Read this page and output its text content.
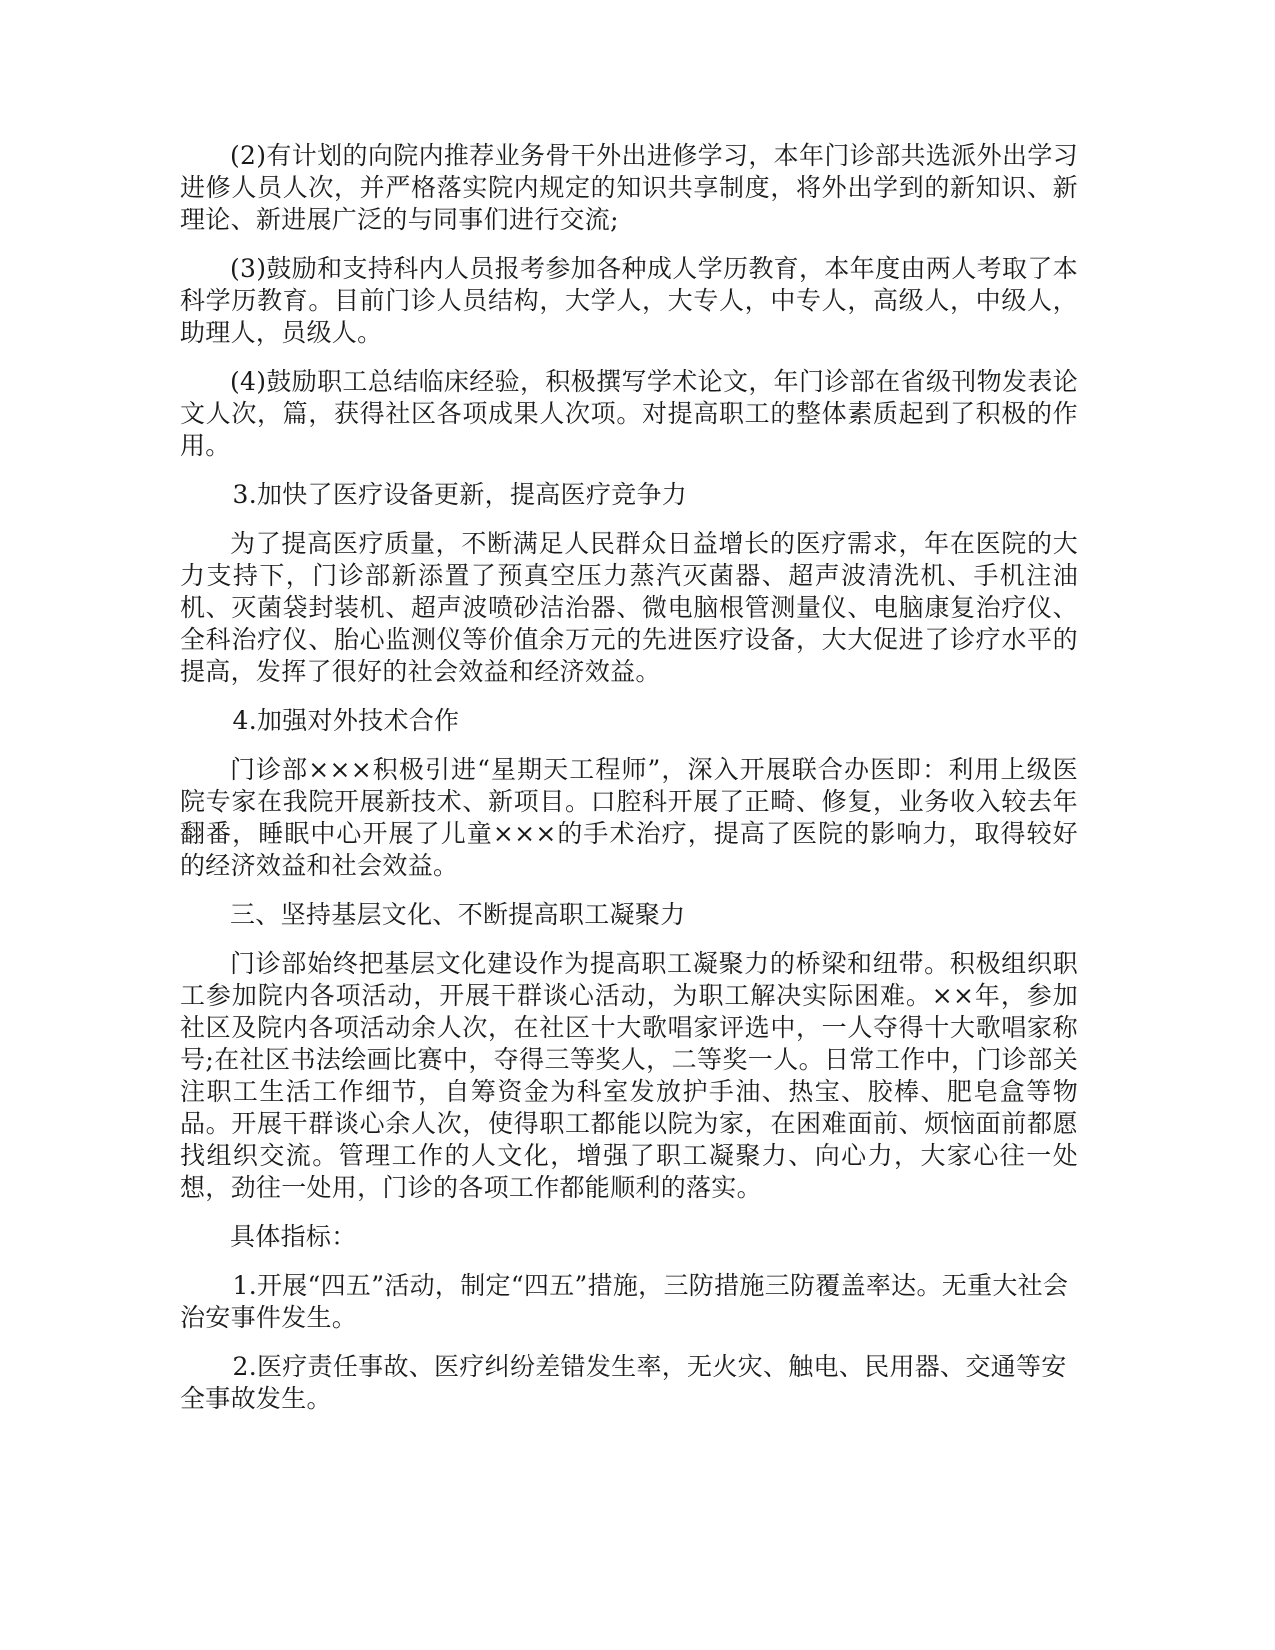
(2)有计划的向院内推荐业务骨干外出进修学习，本年门诊部共选派外出学习进修人员人次，并严格落实院内规定的知识共享制度，将外出学到的新知识、新理论、新进展广泛的与同事们进行交流;

(3)鼓励和支持科内人员报考参加各种成人学历教育，本年度由两人考取了本科学历教育。目前门诊人员结构，大学人，大专人，中专人，高级人，中级人，助理人，员级人。

(4)鼓励职工总结临床经验，积极撰写学术论文，年门诊部在省级刊物发表论文人次，篇，获得社区各项成果人次项。对提高职工的整体素质起到了积极的作用。

3.加快了医疗设备更新，提高医疗竞争力

为了提高医疗质量，不断满足人民群众日益增长的医疗需求，年在医院的大力支持下，门诊部新添置了预真空压力蒸汽灭菌器、超声波清洗机、手机注油机、灭菌袋封装机、超声波喷砂洁治器、微电脑根管测量仪、电脑康复治疗仪、全科治疗仪、胎心监测仪等价值余万元的先进医疗设备，大大促进了诊疗水平的提高，发挥了很好的社会效益和经济效益。

4.加强对外技术合作

门诊部×××积极引进“星期天工程师”，深入开展联合办医即：利用上级医院专家在我院开展新技术、新项目。口腔科开展了正畸、修复，业务收入较去年翻番，睡眠中心开展了儿童×××的手术治疗，提高了医院的影响力，取得较好的经济效益和社会效益。

三、坚持基层文化、不断提高职工凝聚力

门诊部始终把基层文化建设作为提高职工凝聚力的桥梁和纽带。积极组织职工参加院内各项活动，开展干群谈心活动，为职工解决实际困难。××年，参加社区及院内各项活动余人次，在社区十大歌唱家评选中，一人夺得十大歌唱家称号;在社区书法绘画比赛中，夺得三等奖人，二等奖一人。日常工作中，门诊部关注职工生活工作细节，自筹资金为科室发放护手油、热宝、胶棒、肥皂盒等物品。开展干群谈心余人次，使得职工都能以院为家，在困难面前、烦恼面前都愿找组织交流。管理工作的人文化，增强了职工凝聚力、向心力，大家心往一处想，劲往一处用，门诊的各项工作都能顺利的落实。

具体指标：

1.开展“四五”活动，制定“四五”措施，三防措施三防覆盖率达。无重大社会治安事件发生。

2.医疗责任事故、医疗纠纷差错发生率，无火灾、触电、民用器、交通等安全事故发生。
